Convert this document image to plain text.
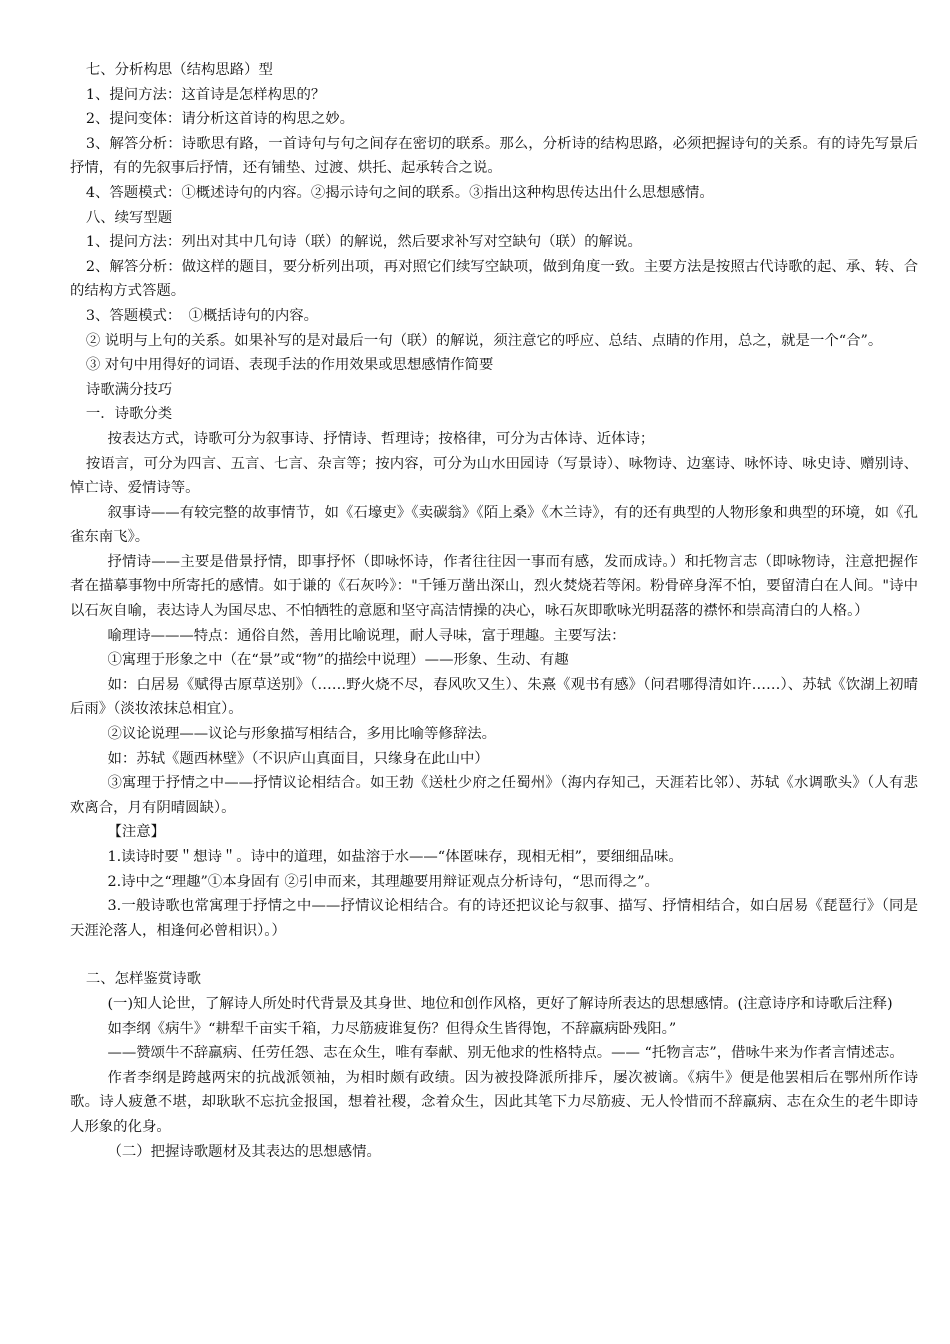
七、分析构思（结构思路）型
1、提问方法：这首诗是怎样构思的？
2、提问变体：请分析这首诗的构思之妙。
3、解答分析：诗歌思有路，一首诗句与句之间存在密切的联系。那么，分析诗的结构思路，必须把握诗句的关系。有的诗先写景后抒情，有的先叙事后抒情，还有铺垫、过渡、烘托、起承转合之说。
4、答题模式：①概述诗句的内容。②揭示诗句之间的联系。③指出这种构思传达出什么思想感情。
八、续写型题
1、提问方法：列出对其中几句诗（联）的解说，然后要求补写对空缺句（联）的解说。
2、解答分析：做这样的题目，要分析列出项，再对照它们续写空缺项，做到角度一致。主要方法是按照古代诗歌的起、承、转、合的结构方式答题。
3、答题模式：　①概括诗句的内容。
② 说明与上句的关系。如果补写的是对最后一句（联）的解说，须注意它的呼应、总结、点睛的作用，总之，就是一个“合”。
③ 对句中用得好的词语、表现手法的作用效果或思想感情作简要
诗歌满分技巧
一．诗歌分类
按表达方式，诗歌可分为叙事诗、抒情诗、哲理诗；按格律，可分为古体诗、近体诗；
按语言，可分为四言、五言、七言、杂言等；按内容，可分为山水田园诗（写景诗）、咏物诗、边塞诗、咏怀诗、咏史诗、赠别诗、悼亡诗、爱情诗等。
叙事诗——有较完整的故事情节，如《石壕吏》《卖碳翁》《陌上桑》《木兰诗》，有的还有典型的人物形象和典型的环境，如《孔雀东南飞》。
抒情诗——主要是借景抒情，即事抒怀（即咏怀诗，作者往往因一事而有感，发而成诗。）和托物言志（即咏物诗，注意把握作者在描摹事物中所寄托的感情。如于谦的《石灰吟》："千锤万凿出深山，烈火焚烧若等闲。粉骨碎身浑不怕，要留清白在人间。"诗中以石灰自喻，表达诗人为国尽忠、不怕牺牲的意愿和坚守高洁情操的决心，咏石灰即歌咏光明磊落的襟怀和崇高清白的人格。）
喻理诗———特点：通俗自然，善用比喻说理，耐人寻味，富于理趣。主要写法：
①寓理于形象之中（在“景”或“物”的描绘中说理）——形象、生动、有趣
如：白居易《赋得古原草送别》（……野火烧不尽，春风吹又生）、朱熹《观书有感》（问君哪得清如许……）、苏轼《饮湖上初晴后雨》（淡妆浓抹总相宜）。
②议论说理——议论与形象描写相结合，多用比喻等修辞法。
如：苏轼《题西林壁》（不识庐山真面目，只缘身在此山中）
③寓理于抒情之中——抒情议论相结合。如王勃《送杜少府之任蜀州》（海内存知己，天涯若比邻）、苏轼《水调歌头》（人有悲欢离合，月有阴晴圆缺）。
【注意】
1.读诗时要＂想诗＂。诗中的道理，如盐溶于水——“体匿味存，现相无相”，要细细品味。
2.诗中之“理趣”①本身固有 ②引申而来，其理趣要用辩证观点分析诗句，“思而得之”。
3.一般诗歌也常寓理于抒情之中——抒情议论相结合。有的诗还把议论与叙事、描写、抒情相结合，如白居易《琵琶行》（同是天涯沦落人，相逢何必曾相识）。）
二、怎样鉴赏诗歌
(一)知人论世，了解诗人所处时代背景及其身世、地位和创作风格，更好了解诗所表达的思想感情。(注意诗序和诗歌后注释)
如李纲《病牛》“耕犁千亩实千箱，力尽筋疲谁复伤？但得众生皆得饱，不辞羸病卧残阳。”
——赞颂牛不辞羸病、任劳任怨、志在众生，唯有奉献、别无他求的性格特点。—— “托物言志”，借咏牛来为作者言情述志。
作者李纲是跨越两宋的抗战派领袖，为相时颇有政绩。因为被投降派所排斥，屡次被谪。《病牛》便是他罢相后在鄂州所作诗歌。诗人疲惫不堪，却耿耿不忘抗金报国，想着社稷，念着众生，因此其笔下力尽筋疲、无人怜惜而不辞羸病、志在众生的老牛即诗人形象的化身。
（二）把握诗歌题材及其表达的思想感情。
